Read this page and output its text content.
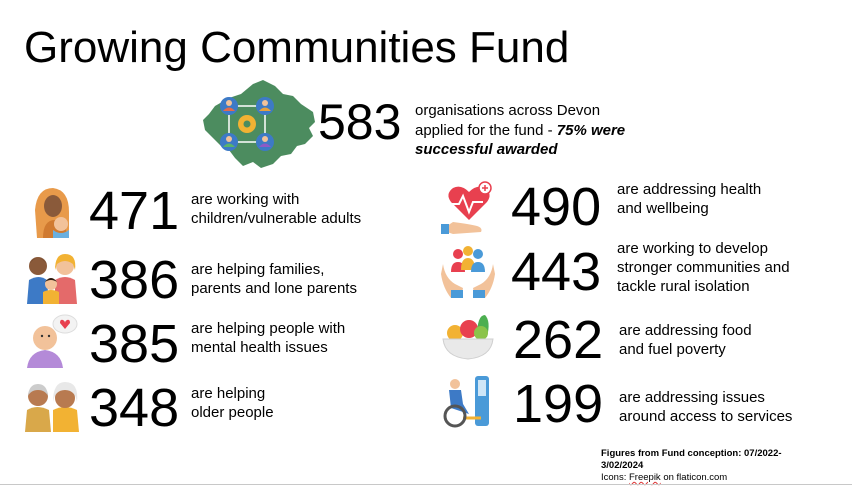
Growing Communities Fund
583 organisations across Devon
applied for the fund - 75% were
successful awarded
471 are working with
children/vulnerable adults
386 are helping families,
parents and lone parents
385 are helping people with
mental health issues
348 are helping
older people
490 are addressing health
and wellbeing
443 are working to develop
stronger communities and
tackle rural isolation
262 are addressing food
and fuel poverty
199 are addressing issues
around access to services
Figures from Fund conception: 07/2022-
3/02/2024
Icons: Freepik on flaticon.com
